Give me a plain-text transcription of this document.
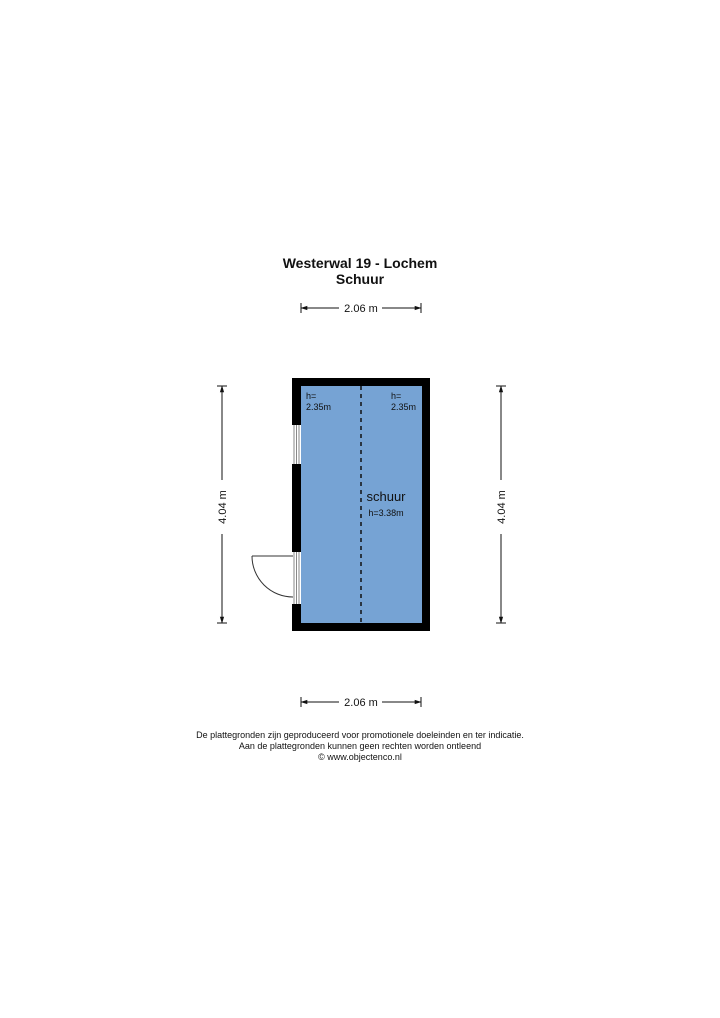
Westerwal 19 - Lochem
Schuur
2.06 m
2.06 m
4.04 m	4.04 m
h=
2.35m
h=
2.35m
schuur
h=3.38m
De plattegronden zijn geproduceerd voor promotionele doeleinden en ter indicatie.
Aan de plattegronden kunnen geen rechten worden ontleend
© www.objectenco.nl
